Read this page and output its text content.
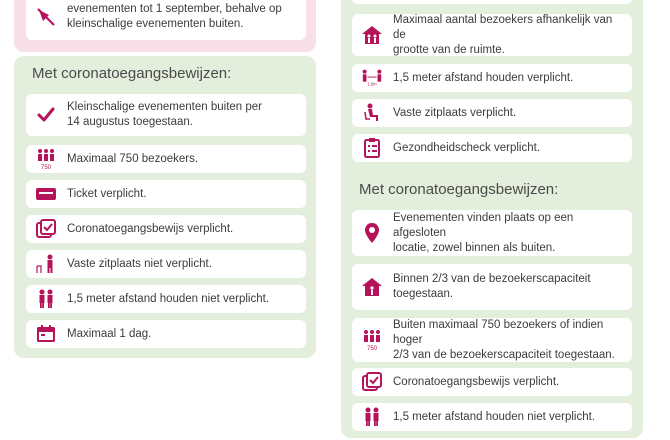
evenementen tot 1 september, behalve op
kleinschalige evenementen buiten.
Met coronatoegangsbewijzen:
Kleinschalige evenementen buiten per
14 augustus toegestaan.
750
Maximaal 750 bezoekers.
Ticket verplicht.
Coronatoegangsbewijs verplicht.
Vaste zitplaats niet verplicht.
1,5 meter afstand houden niet verplicht.
Maximaal 1 dag.
Maximaal aantal bezoekers afhankelijk van de
grootte van de ruimte.
1.5m
1,5 meter afstand houden verplicht.
Vaste zitplaats verplicht.
Gezondheidscheck verplicht.
Met coronatoegangsbewijzen:
Evenementen vinden plaats op een afgesloten
locatie, zowel binnen als buiten.
Binnen 2/3 van de bezoekerscapaciteit
toegestaan.
750
Buiten maximaal 750 bezoekers of indien hoger
2/3 van de bezoekerscapaciteit toegestaan.
Coronatoegangsbewijs verplicht.
1,5 meter afstand houden niet verplicht.
